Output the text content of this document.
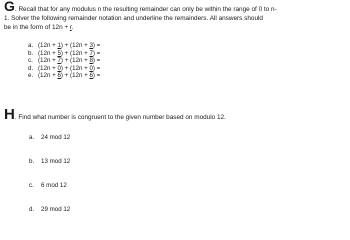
G. Recall that for any modulus n the resulting remainder can only be within the range of 0 to n-
1. Solver the following remainder notation and underline the remainders. All answers should
be in the form of 12n + r.
a. (12n + 1) + (12n + 3) =
b. (12n + 5) + (12n + 7) =
c. (12n + 7) + (12n + 8) =
d. (12n + 0) + (12n + 0) =
e. (12n + 6) + (12n + 6) =
H. Find what number is congruent to the given number based on modulo 12.
a. 24 mod 12
b. 13 mod 12
c. 6 mod 12
d. 29 mod 12
